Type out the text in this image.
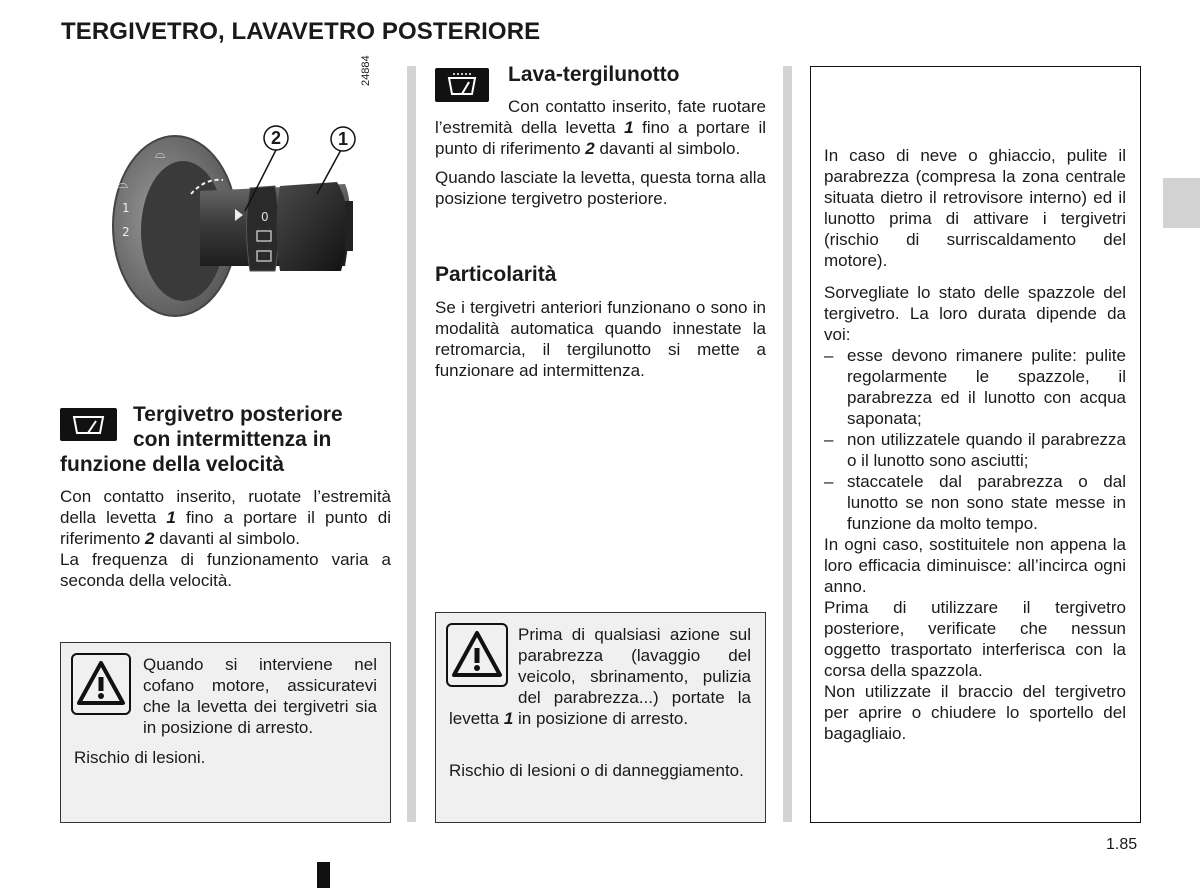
TERGIVETRO, LAVAVETRO POSTERIORE
⌓
1
2
⌓
0
2	1
24884
Tergivetro posteriore
con intermittenza in
funzione della velocità

Con contatto inserito, ruotate l’estremità della levetta 1 fino a portare il punto di riferimento 2 davanti al simbolo.

La frequenza di funzionamento varia a seconda della velocità.

Quando si interviene nel cofano motore, assicuratevi che la levetta dei tergivetri sia in posizione di arresto.

Rischio di lesioni.

Lava-tergilunotto

Con contatto inserito, fate ruotare l’estremità della levetta 1 fino a portare il punto di riferimento 2 davanti al simbolo.

Quando lasciate la levetta, questa torna alla posizione tergivetro posteriore.

Particolarità

Se i tergivetri anteriori funzionano o sono in modalità automatica quando innestate la retromarcia, il tergilunotto si mette a funzionare ad intermittenza.

Prima di qualsiasi azione sul parabrezza (lavaggio del veicolo, sbrinamento, pulizia del parabrezza...) portate la levetta 1 in posizione di arresto.

Rischio di lesioni o di danneggiamento.

In caso di neve o ghiaccio, pulite il parabrezza (compresa la zona centrale situata dietro il retrovisore interno) ed il lunotto prima di attivare i tergivetri (rischio di surriscaldamento del motore).

Sorvegliate lo stato delle spazzole del tergivetro. La loro durata dipende da voi:

– esse devono rimanere pulite: pulite regolarmente le spazzole, il parabrezza ed il lunotto con acqua saponata;
– non utilizzatele quando il parabrezza o il lunotto sono asciutti;
– staccatele dal parabrezza o dal lunotto se non sono state messe in funzione da molto tempo.

In ogni caso, sostituitele non appena la loro efficacia diminuisce: all’incirca ogni anno.

Prima di utilizzare il tergivetro posteriore, verificate che nessun oggetto trasportato interferisca con la corsa della spazzola.

Non utilizzate il braccio del tergivetro per aprire o chiudere lo sportello del bagagliaio.

1.85
